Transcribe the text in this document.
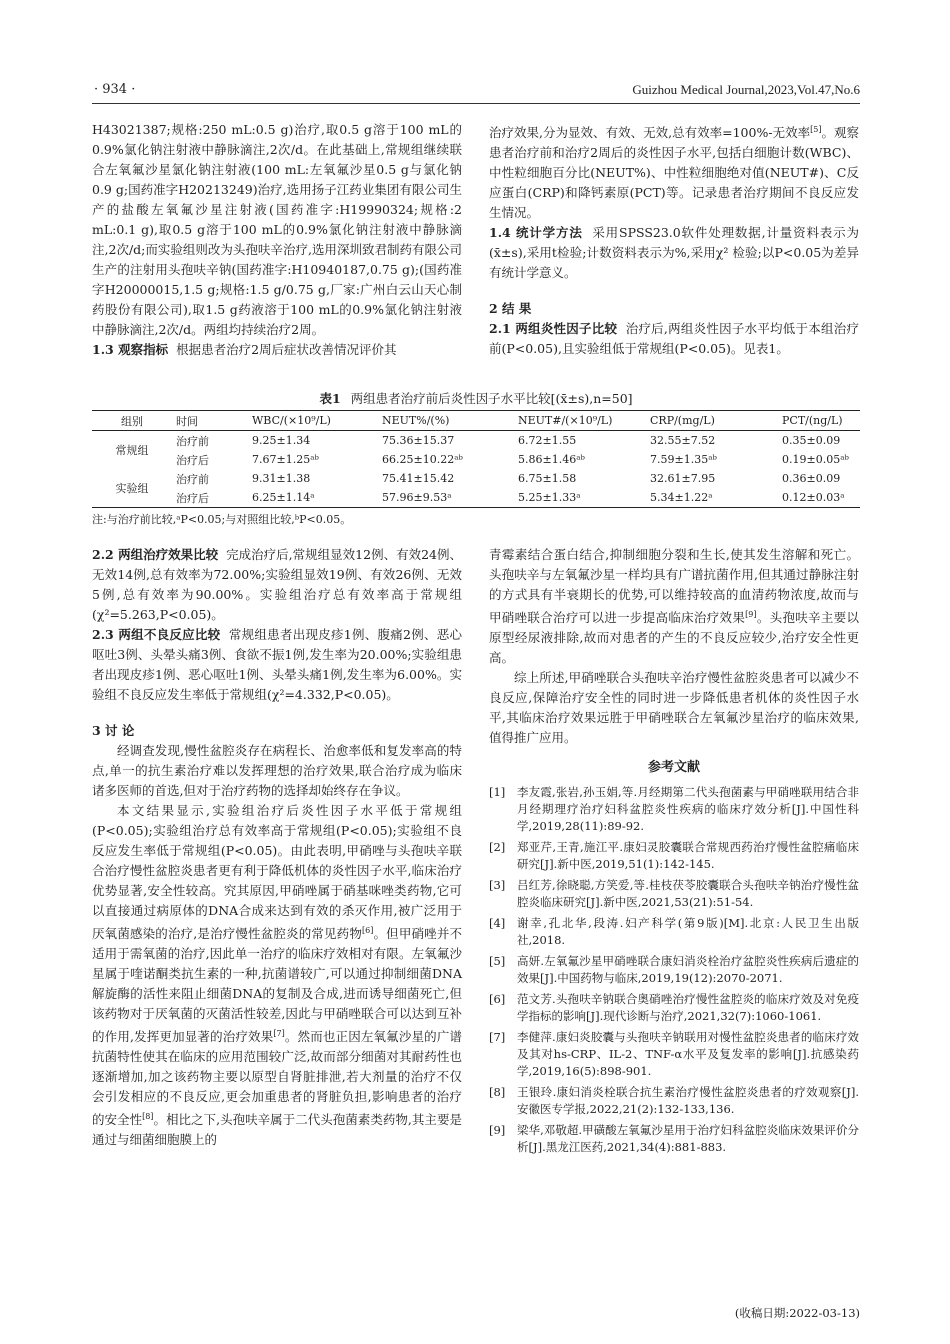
· 934 ·	Guizhou Medical Journal,2023,Vol.47,No.6

H43021387;规格:250 mL:0.5 g)治疗,取0.5 g溶于100 mL的0.9%氯化钠注射液中静脉滴注,2次/d。在此基础上,常规组继续联合左氧氟沙星氯化钠注射液(100 mL:左氧氟沙星0.5 g与氯化钠0.9 g;国药准字H20213249)治疗,选用扬子江药业集团有限公司生产的盐酸左氧氟沙星注射液(国药准字:H19990324;规格:2 mL:0.1 g),取0.5 g溶于100 mL的0.9%氯化钠注射液中静脉滴注,2次/d;而实验组则改为头孢呋辛治疗,选用深圳致君制药有限公司生产的注射用头孢呋辛钠(国药准字:H10940187,0.75 g);(国药准字H20000015,1.5 g;规格:1.5 g/0.75 g,厂家:广州白云山天心制药股份有限公司),取1.5 g药液溶于100 mL的0.9%氯化钠注射液中静脉滴注,2次/d。两组均持续治疗2周。

1.3 观察指标 根据患者治疗2周后症状改善情况评价其

治疗效果,分为显效、有效、无效,总有效率=100%-无效率[5]。观察患者治疗前和治疗2周后的炎性因子水平,包括白细胞计数(WBC)、中性粒细胞百分比(NEUT%)、中性粒细胞绝对值(NEUT#)、C反应蛋白(CRP)和降钙素原(PCT)等。记录患者治疗期间不良反应发生情况。

1.4 统计学方法 采用SPSS23.0软件处理数据,计量资料表示为(x̄±s),采用t检验;计数资料表示为%,采用χ² 检验;以P<0.05为差异有统计学意义。

2 结 果

2.1 两组炎性因子比较 治疗后,两组炎性因子水平均低于本组治疗前(P<0.05),且实验组低于常规组(P<0.05)。见表1。

表1 两组患者治疗前后炎性因子水平比较[(x̄±s),n=50]
组别	时间	WBC/(×10⁹/L)	NEUT%/(%)	NEUT#/(×10⁹/L)	CRP/(mg/L)	PCT/(ng/L)
常规组	治疗前	9.25±1.34	75.36±15.37	6.72±1.55	32.55±7.52	0.35±0.09
	治疗后	7.67±1.25ᵃᵇ	66.25±10.22ᵃᵇ	5.86±1.46ᵃᵇ	7.59±1.35ᵃᵇ	0.19±0.05ᵃᵇ
实验组	治疗前	9.31±1.38	75.41±15.42	6.75±1.58	32.61±7.95	0.36±0.09
	治疗后	6.25±1.14ᵃ	57.96±9.53ᵃ	5.25±1.33ᵃ	5.34±1.22ᵃ	0.12±0.03ᵃ
注:与治疗前比较,ᵃP<0.05;与对照组比较,ᵇP<0.05。

2.2 两组治疗效果比较 完成治疗后,常规组显效12例、有效24例、无效14例,总有效率为72.00%;实验组显效19例、有效26例、无效5例,总有效率为90.00%。实验组治疗总有效率高于常规组(χ²=5.263,P<0.05)。

2.3 两组不良反应比较 常规组患者出现皮疹1例、腹痛2例、恶心呕吐3例、头晕头痛3例、食欲不振1例,发生率为20.00%;实验组患者出现皮疹1例、恶心呕吐1例、头晕头痛1例,发生率为6.00%。实验组不良反应发生率低于常规组(χ²=4.332,P<0.05)。

3 讨 论

经调查发现,慢性盆腔炎存在病程长、治愈率低和复发率高的特点,单一的抗生素治疗难以发挥理想的治疗效果,联合治疗成为临床诸多医师的首选,但对于治疗药物的选择却始终存在争议。

本文结果显示,实验组治疗后炎性因子水平低于常规组(P<0.05);实验组治疗总有效率高于常规组(P<0.05);实验组不良反应发生率低于常规组(P<0.05)。由此表明,甲硝唑与头孢呋辛联合治疗慢性盆腔炎患者更有利于降低机体的炎性因子水平,临床治疗优势显著,安全性较高。究其原因,甲硝唑属于硝基咪唑类药物,它可以直接通过病原体的DNA合成来达到有效的杀灭作用,被广泛用于厌氧菌感染的治疗,是治疗慢性盆腔炎的常见药物[6]。但甲硝唑并不适用于需氧菌的治疗,因此单一治疗的临床疗效相对有限。左氧氟沙星属于喹诺酮类抗生素的一种,抗菌谱较广,可以通过抑制细菌DNA解旋酶的活性来阻止细菌DNA的复制及合成,进而诱导细菌死亡,但该药物对于厌氧菌的灭菌活性较差,因此与甲硝唑联合可以达到互补的作用,发挥更加显著的治疗效果[7]。然而也正因左氧氟沙星的广谱抗菌特性使其在临床的应用范围较广泛,故而部分细菌对其耐药性也逐渐增加,加之该药物主要以原型自肾脏排泄,若大剂量的治疗不仅会引发相应的不良反应,更会加重患者的肾脏负担,影响患者的治疗的安全性[8]。相比之下,头孢呋辛属于二代头孢菌素类药物,其主要是通过与细菌细胞膜上的

青霉素结合蛋白结合,抑制细胞分裂和生长,使其发生溶解和死亡。头孢呋辛与左氧氟沙星一样均具有广谱抗菌作用,但其通过静脉注射的方式具有半衰期长的优势,可以维持较高的血清药物浓度,故而与甲硝唑联合治疗可以进一步提高临床治疗效果[9]。头孢呋辛主要以原型经尿液排除,故而对患者的产生的不良反应较少,治疗安全性更高。

综上所述,甲硝唑联合头孢呋辛治疗慢性盆腔炎患者可以减少不良反应,保障治疗安全性的同时进一步降低患者机体的炎性因子水平,其临床治疗效果远胜于甲硝唑联合左氧氟沙星治疗的临床效果,值得推广应用。

参考文献
[1]	李友霞,张岩,孙玉娟,等.月经期第二代头孢菌素与甲硝唑联用结合非月经期理疗治疗妇科盆腔炎性疾病的临床疗效分析[J].中国性科学,2019,28(11):89-92.
[2]	郑亚芹,王青,施江平.康妇灵胶囊联合常规西药治疗慢性盆腔痛临床研究[J].新中医,2019,51(1):142-145.
[3]	吕红芳,徐晓聪,方笑爱,等.桂枝茯苓胶囊联合头孢呋辛钠治疗慢性盆腔炎临床研究[J].新中医,2021,53(21):51-54.
[4]	谢幸,孔北华,段涛.妇产科学(第9版)[M].北京:人民卫生出版社,2018.
[5]	高妍.左氧氟沙星甲硝唑联合康妇消炎栓治疗盆腔炎性疾病后遗症的效果[J].中国药物与临床,2019,19(12):2070-2071.
[6]	范文芳.头孢呋辛钠联合奥硝唑治疗慢性盆腔炎的临床疗效及对免疫学指标的影响[J].现代诊断与治疗,2021,32(7):1060-1061.
[7]	李健萍.康妇炎胶囊与头孢呋辛钠联用对慢性盆腔炎患者的临床疗效及其对hs-CRP、IL-2、TNF-α水平及复发率的影响[J].抗感染药学,2019,16(5):898-901.
[8]	王银玲.康妇消炎栓联合抗生素治疗慢性盆腔炎患者的疗效观察[J].安徽医专学报,2022,21(2):132-133,136.
[9]	梁华,邓敬超.甲磺酸左氧氟沙星用于治疗妇科盆腔炎临床效果评价分析[J].黑龙江医药,2021,34(4):881-883.
(收稿日期:2022-03-13)
